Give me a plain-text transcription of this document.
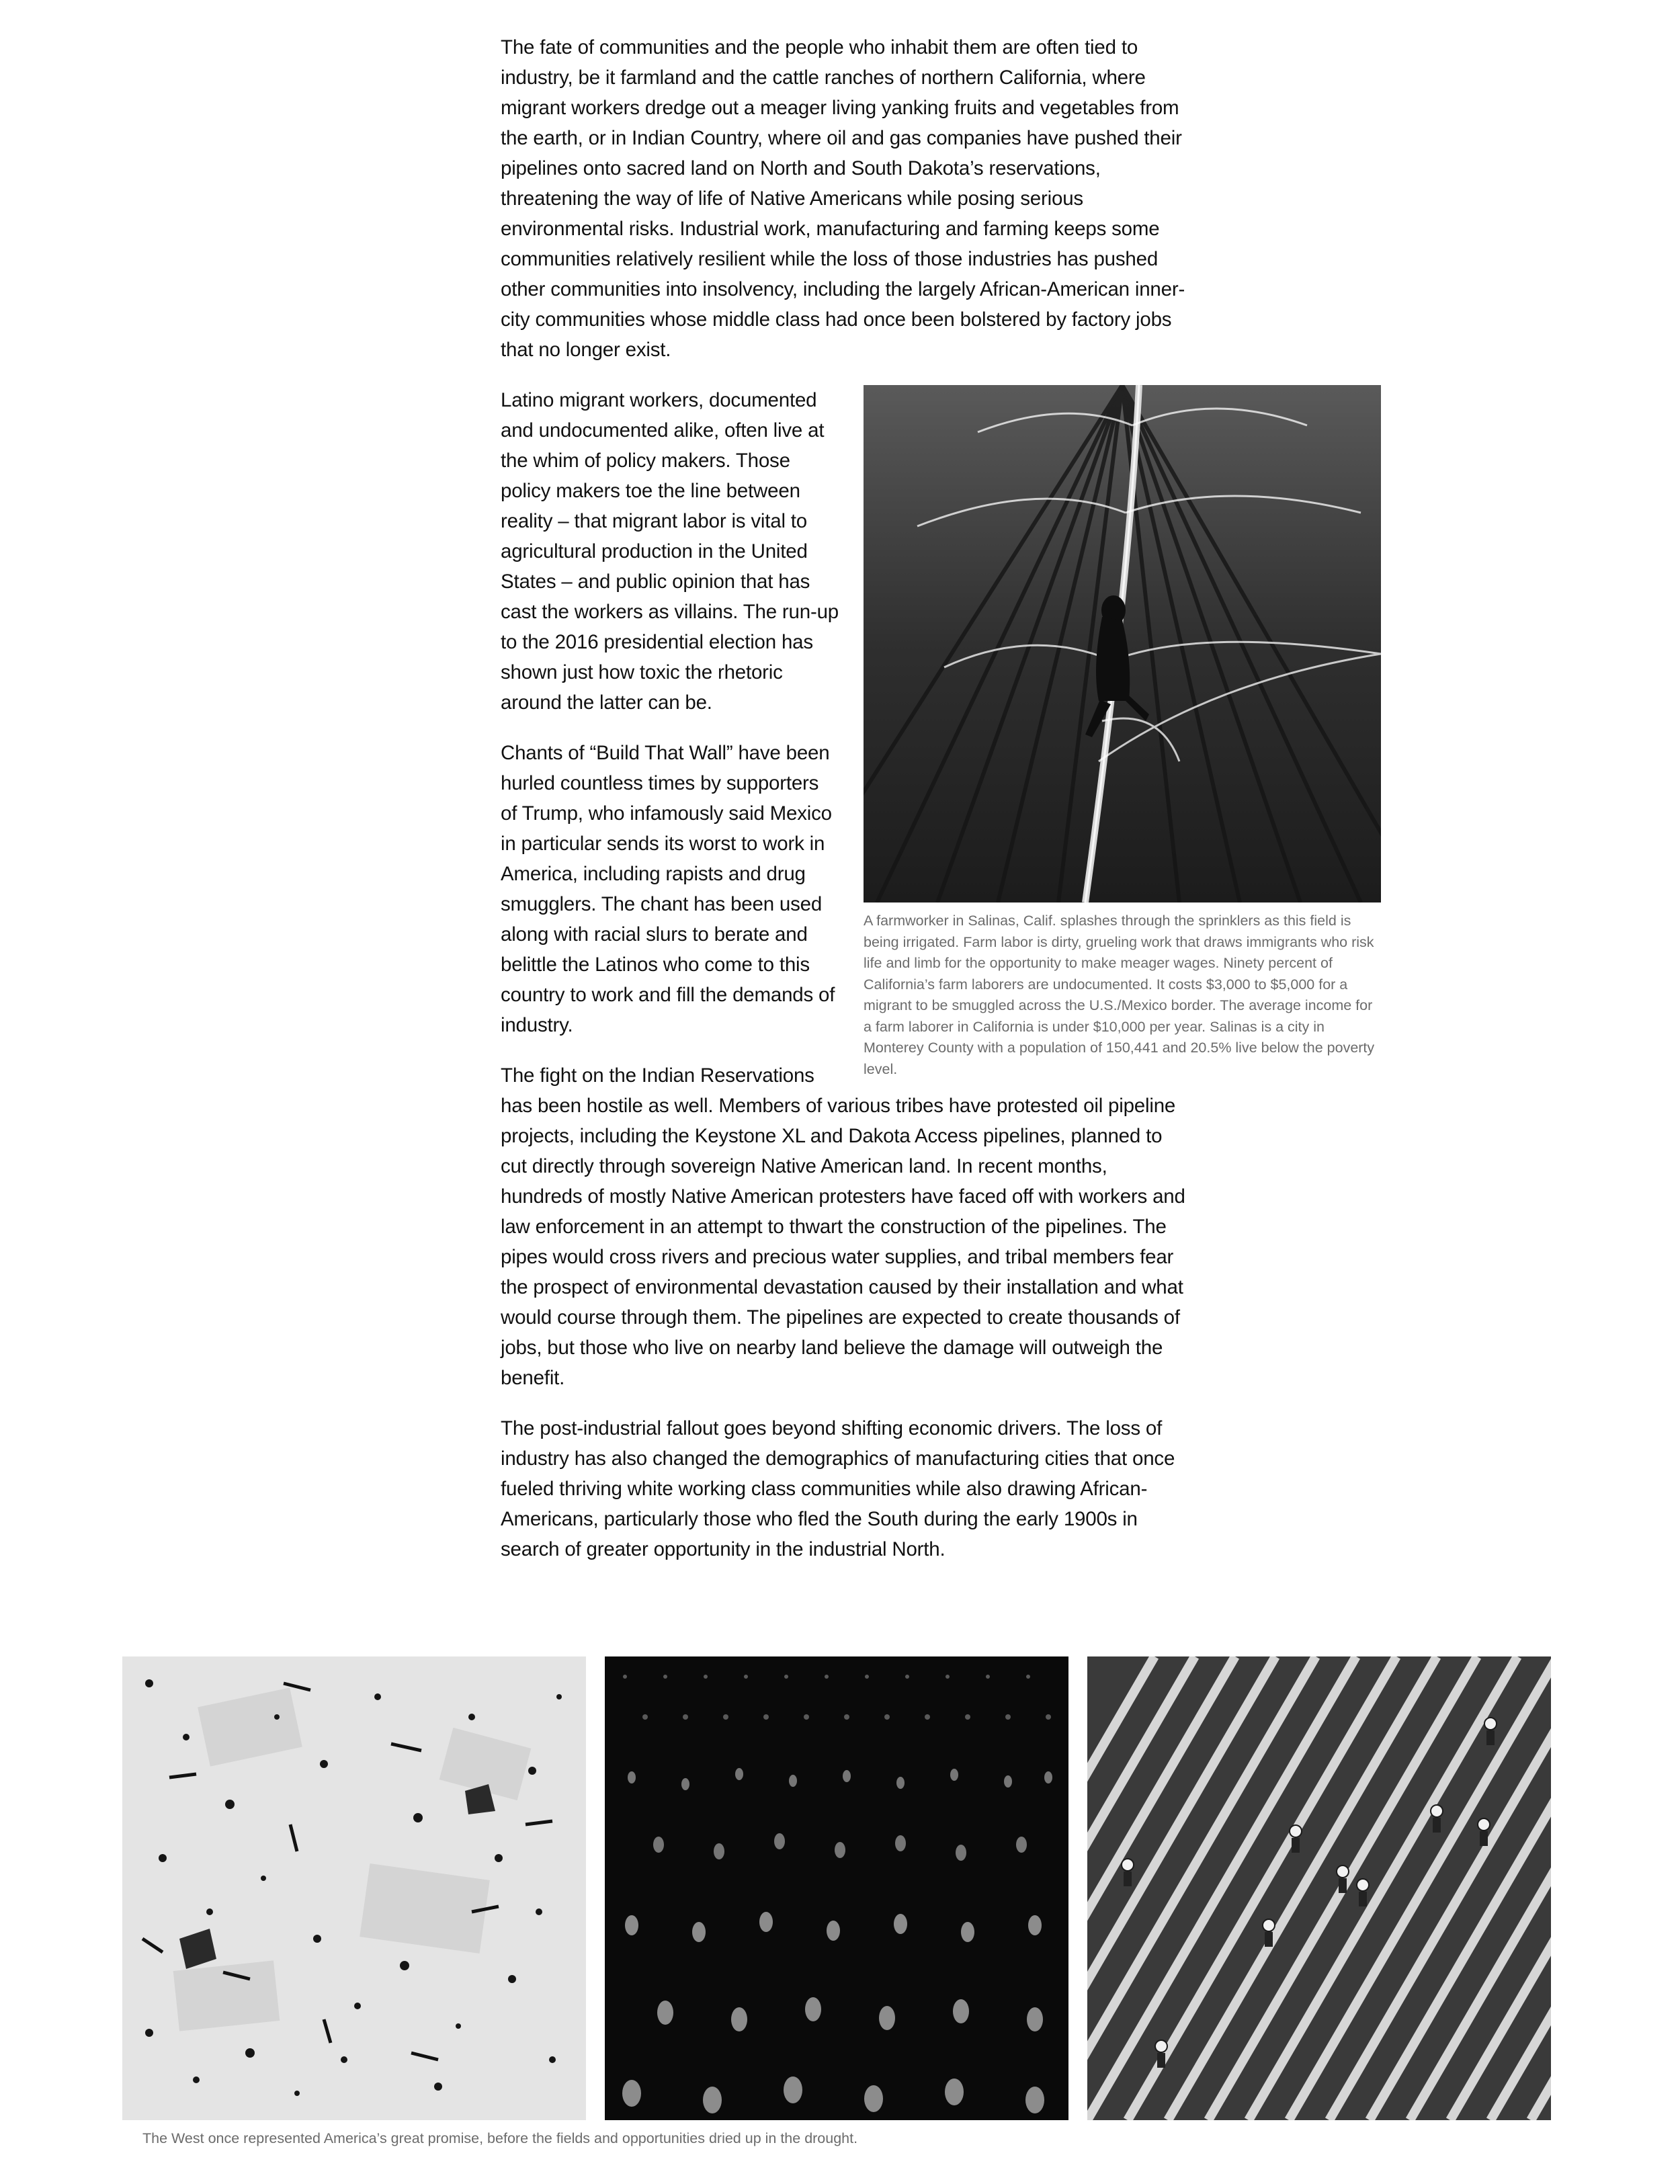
The fate of communities and the people who inhabit them are often tied to industry, be it farmland and the cattle ranches of northern California, where migrant workers dredge out a meager living yanking fruits and vegetables from the earth, or in Indian Country, where oil and gas companies have pushed their pipelines onto sacred land on North and South Dakota’s reservations, threatening the way of life of Native Americans while posing serious environmental risks. Industrial work, manufacturing and farming keeps some communities relatively resilient while the loss of those industries has pushed other communities into insolvency, including the largely African-American inner-city communities whose middle class had once been bolstered by factory jobs that no longer exist.

A farmworker in Salinas, Calif. splashes through the sprinklers as this field is being irrigated. Farm labor is dirty, grueling work that draws immigrants who risk life and limb for the opportunity to make meager wages. Ninety percent of California’s farm laborers are undocumented. It costs $3,000 to $5,000 for a migrant to be smuggled across the U.S./Mexico border. The average income for a farm laborer in California is under $10,000 per year. Salinas is a city in Monterey County with a population of 150,441 and 20.5% live below the poverty level.

Latino migrant workers, documented and undocumented alike, often live at the whim of policy makers. Those policy makers toe the line between reality – that migrant labor is vital to agricultural production in the United States – and public opinion that has cast the workers as villains. The run-up to the 2016 presidential election has shown just how toxic the rhetoric around the latter can be.

Chants of “Build That Wall” have been hurled countless times by supporters of Trump, who infamously said Mexico in particular sends its worst to work in America, including rapists and drug smugglers. The chant has been used along with racial slurs to berate and belittle the Latinos who come to this country to work and fill the demands of industry.

The fight on the Indian Reservations has been hostile as well. Members of various tribes have protested oil pipeline projects, including the Keystone XL and Dakota Access pipelines, planned to cut directly through sovereign Native American land. In recent months, hundreds of mostly Native American protesters have faced off with workers and law enforcement in an attempt to thwart the construction of the pipelines. The pipes would cross rivers and precious water supplies, and tribal members fear the prospect of environmental devastation caused by their installation and what would course through them. The pipelines are expected to create thousands of jobs, but those who live on nearby land believe the damage will outweigh the benefit.

The post-industrial fallout goes beyond shifting economic drivers. The loss of industry has also changed the demographics of manufacturing cities that once fueled thriving white working class communities while also drawing African-Americans, particularly those who fled the South during the early 1900s in search of greater opportunity in the industrial North.

The West once represented America’s great promise, before the fields and opportunities dried up in the drought.
